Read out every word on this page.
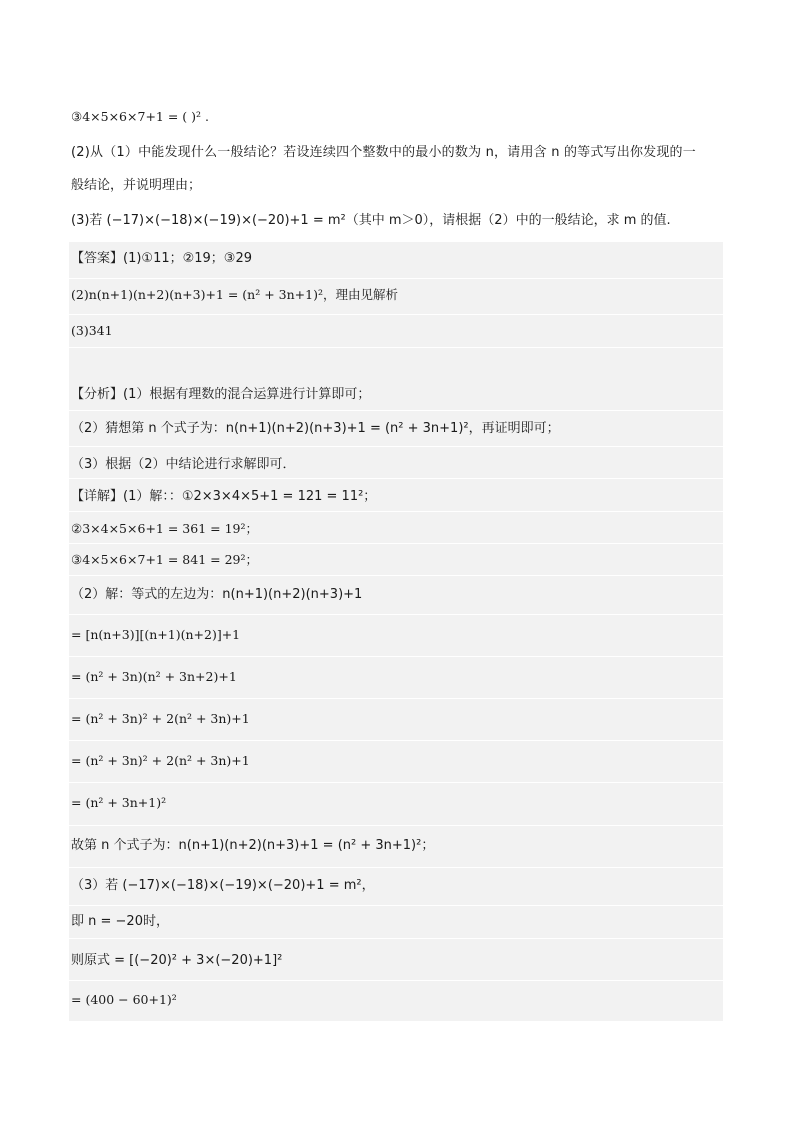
③4×5×6×7+1 = ( )² .
(2)从（1）中能发现什么一般结论？若设连续四个整数中的最小的数为 n，请用含 n 的等式写出你发现的一
般结论，并说明理由；
(3)若 (−17)×(−18)×(−19)×(−20)+1 = m²（其中 m＞0），请根据（2）中的一般结论，求 m 的值.
【答案】(1)①11；②19；③29
(2)n(n+1)(n+2)(n+3)+1 = (n² + 3n+1)²，理由见解析
(3)341
【分析】(1）根据有理数的混合运算进行计算即可；
（2）猜想第 n 个式子为：n(n+1)(n+2)(n+3)+1 = (n² + 3n+1)²，再证明即可；
（3）根据（2）中结论进行求解即可．
【详解】(1）解：：①2×3×4×5+1 = 121 = 11²；
②3×4×5×6+1 = 361 = 19²；
③4×5×6×7+1 = 841 = 29²；
（2）解：等式的左边为：n(n+1)(n+2)(n+3)+1
= [n(n+3)][(n+1)(n+2)]+1
= (n² + 3n)(n² + 3n+2)+1
= (n² + 3n)² + 2(n² + 3n)+1
= (n² + 3n)² + 2(n² + 3n)+1
= (n² + 3n+1)²
故第 n 个式子为：n(n+1)(n+2)(n+3)+1 = (n² + 3n+1)²；
（3）若 (−17)×(−18)×(−19)×(−20)+1 = m²，
即 n = −20时，
则原式 = [(−20)² + 3×(−20)+1]²
= (400 − 60+1)²
